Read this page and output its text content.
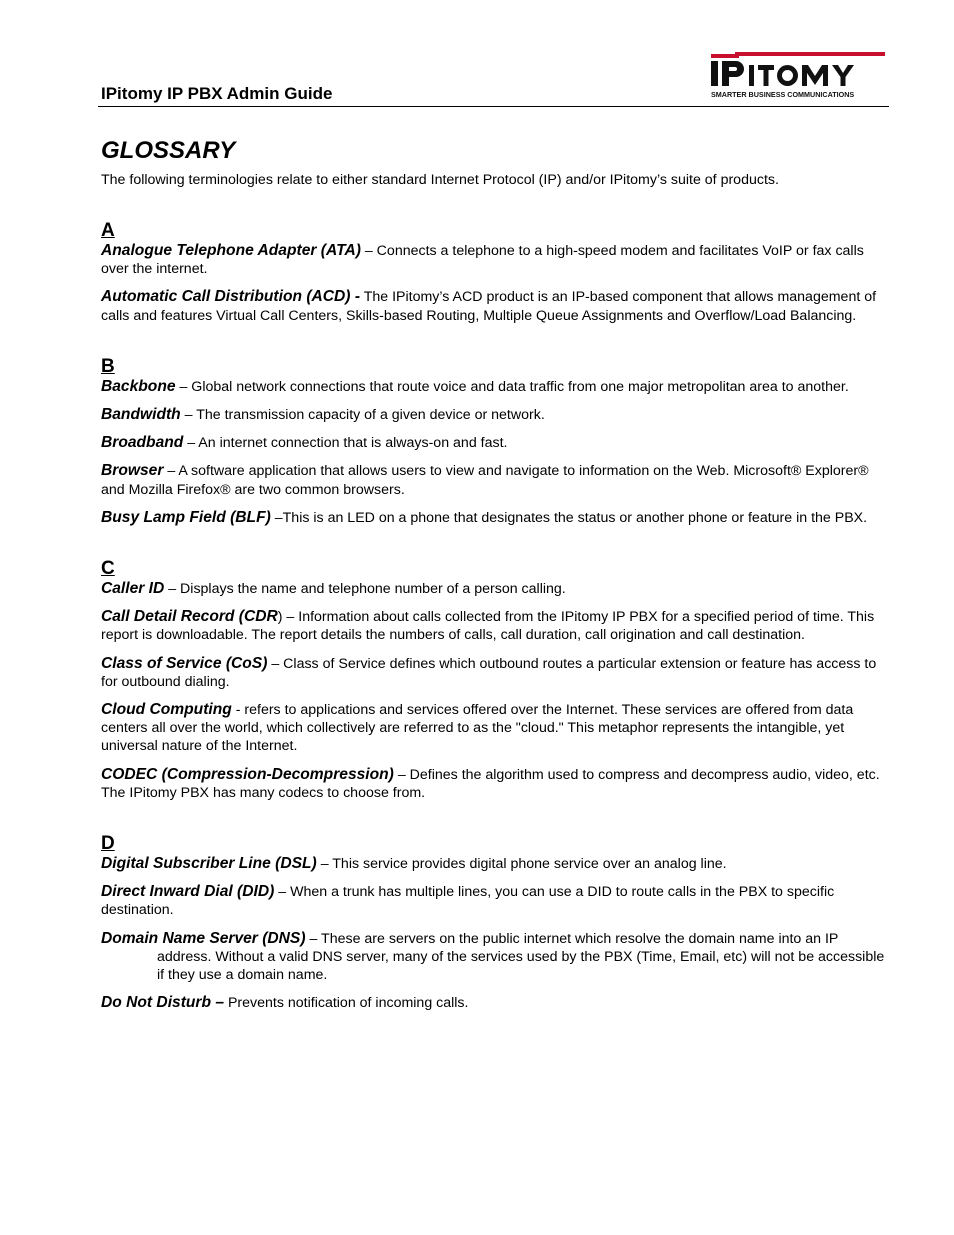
IPitomy IP PBX Admin Guide	SMARTER BUSINESS COMMUNICATIONS
GLOSSARY

The following terminologies relate to either standard Internet Protocol (IP) and/or IPitomy’s suite of products.

A

Analogue Telephone Adapter (ATA) – Connects a telephone to a high-speed modem and facilitates VoIP or fax calls over the internet.

Automatic Call Distribution (ACD) - The IPitomy’s ACD product is an IP-based component that allows management of calls and features Virtual Call Centers, Skills-based Routing, Multiple Queue Assignments and Overflow/Load Balancing.

B

Backbone – Global network connections that route voice and data traffic from one major metropolitan area to another.

Bandwidth – The transmission capacity of a given device or network.

Broadband – An internet connection that is always-on and fast.

Browser – A software application that allows users to view and navigate to information on the Web. Microsoft® Explorer® and Mozilla Firefox® are two common browsers.

Busy Lamp Field (BLF) –This is an LED on a phone that designates the status or another phone or feature in the PBX.

C

Caller ID – Displays the name and telephone number of a person calling.

Call Detail Record (CDR) – Information about calls collected from the IPitomy IP PBX for a specified period of time. This report is downloadable. The report details the numbers of calls, call duration, call origination and call destination.

Class of Service (CoS) – Class of Service defines which outbound routes a particular extension or feature has access to for outbound dialing.

Cloud Computing - refers to applications and services offered over the Internet. These services are offered from data centers all over the world, which collectively are referred to as the "cloud." This metaphor represents the intangible, yet universal nature of the Internet.

CODEC (Compression-Decompression) – Defines the algorithm used to compress and decompress audio, video, etc. The IPitomy PBX has many codecs to choose from.

D

Digital Subscriber Line (DSL) – This service provides digital phone service over an analog line.

Direct Inward Dial (DID) – When a trunk has multiple lines, you can use a DID to route calls in the PBX to specific destination.

Domain Name Server (DNS) – These are servers on the public internet which resolve the domain name into an IP address. Without a valid DNS server, many of the services used by the PBX (Time, Email, etc) will not be accessible if they use a domain name.

Do Not Disturb – Prevents notification of incoming calls.
